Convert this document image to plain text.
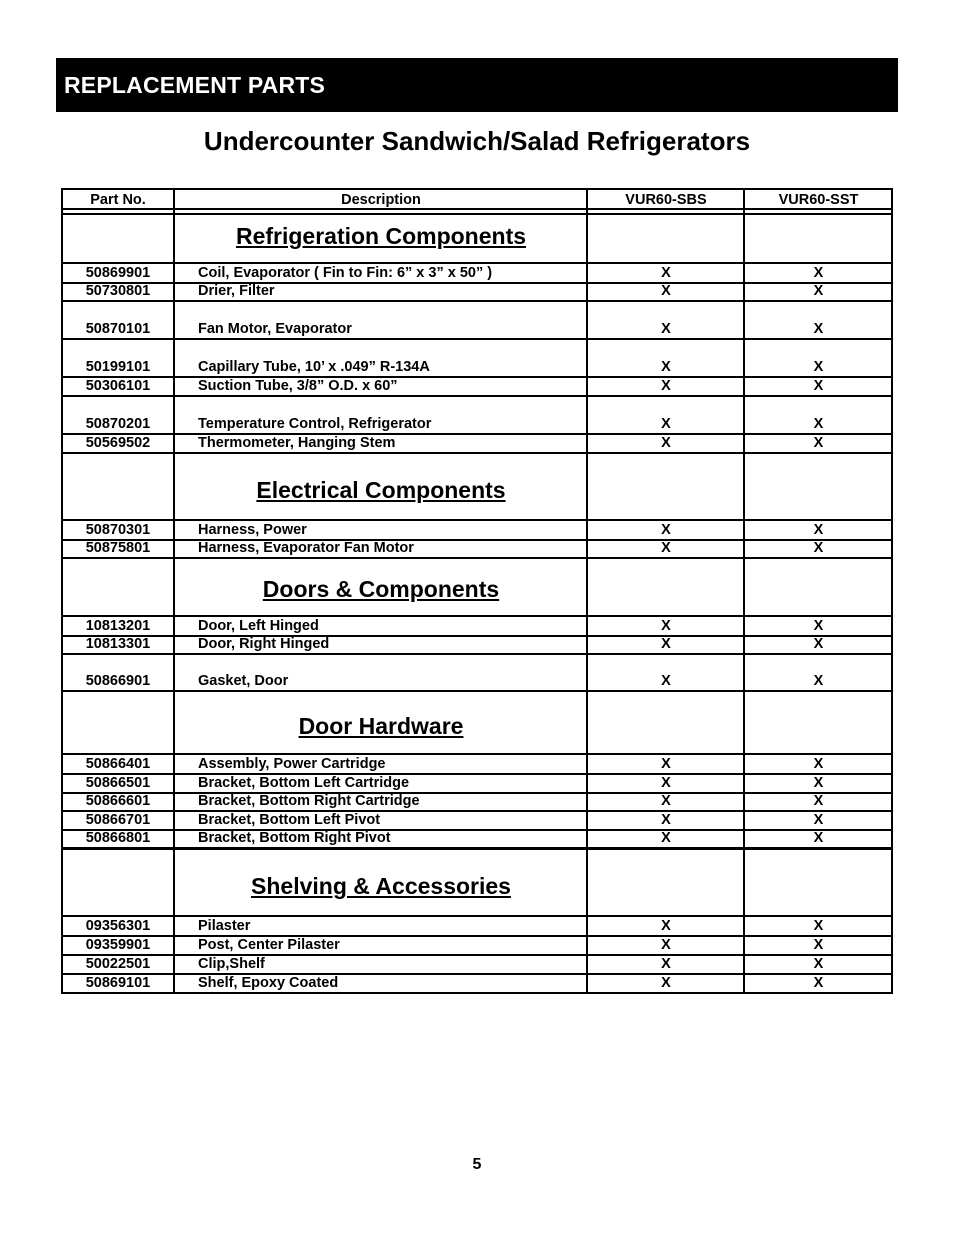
REPLACEMENT PARTS
Undercounter Sandwich/Salad Refrigerators
Part No.	Description	VUR60-SBS	VUR60-SST
Refrigeration Components
50869901	Coil, Evaporator ( Fin to Fin: 6” x 3” x 50” )	X	X
50730801	Drier, Filter	X	X
50870101	Fan Motor, Evaporator	X	X
50199101	Capillary Tube, 10’ x .049” R-134A	X	X
50306101	Suction Tube, 3/8” O.D. x 60”	X	X
50870201	Temperature Control, Refrigerator	X	X
50569502	Thermometer, Hanging Stem	X	X
Electrical Components
50870301	Harness, Power	X	X
50875801	Harness, Evaporator Fan Motor	X	X
Doors & Components
10813201	Door, Left Hinged	X	X
10813301	Door, Right Hinged	X	X
50866901	Gasket, Door	X	X
Door Hardware
50866401	Assembly, Power Cartridge	X	X
50866501	Bracket, Bottom Left Cartridge	X	X
50866601	Bracket, Bottom Right Cartridge	X	X
50866701	Bracket, Bottom Left Pivot	X	X
50866801	Bracket, Bottom Right Pivot	X	X
Shelving & Accessories
09356301	Pilaster	X	X
09359901	Post, Center Pilaster	X	X
50022501	Clip,Shelf	X	X
50869101	Shelf, Epoxy Coated	X	X
5
